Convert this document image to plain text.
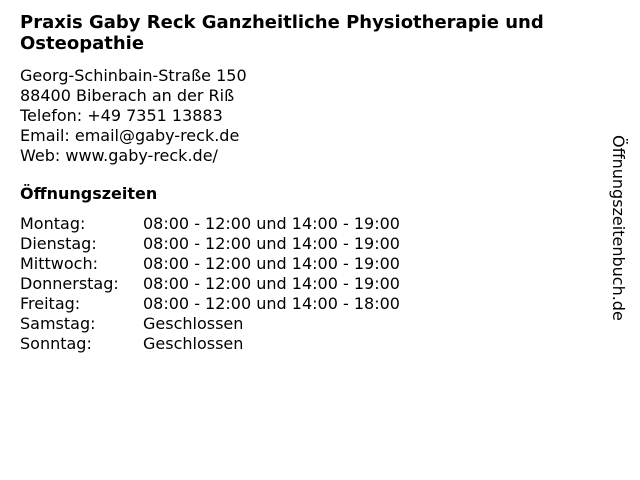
Praxis Gaby Reck Ganzheitliche Physiotherapie und Osteopathie
Georg-Schinbain-Straße 150
88400 Biberach an der Riß
Telefon: +49 7351 13883
Email: email@gaby-reck.de
Web: www.gaby-reck.de/
Öffnungszeiten
Montag:	08:00 - 12:00 und 14:00 - 19:00
Dienstag:	08:00 - 12:00 und 14:00 - 19:00
Mittwoch:	08:00 - 12:00 und 14:00 - 19:00
Donnerstag:	08:00 - 12:00 und 14:00 - 19:00
Freitag:	08:00 - 12:00 und 14:00 - 18:00
Samstag:	Geschlossen
Sonntag:	Geschlossen
Öffnungszeitenbuch.de
